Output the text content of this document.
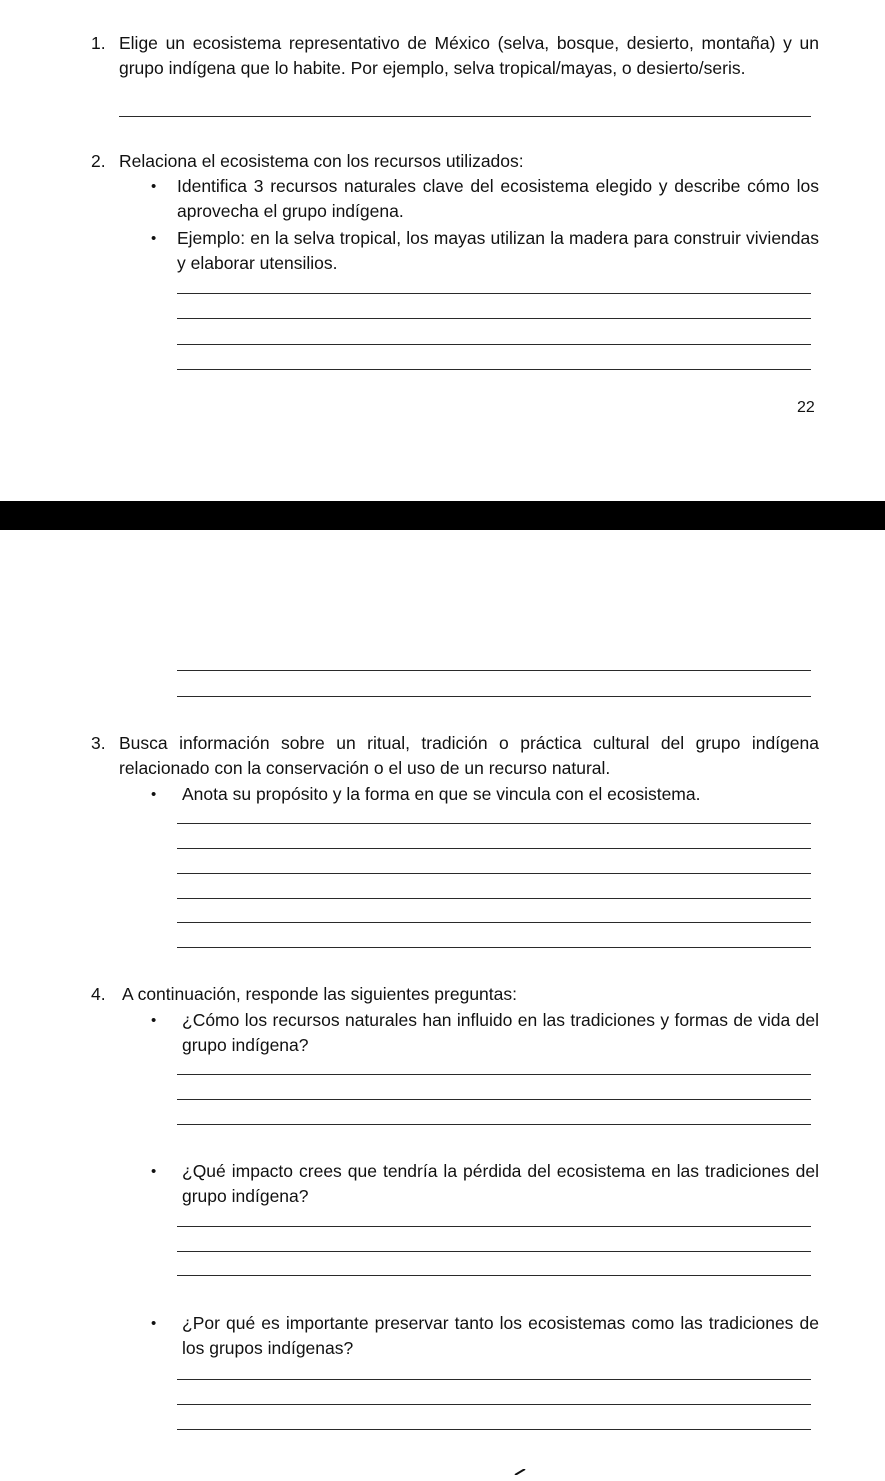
1. Elige un ecosistema representativo de México (selva, bosque, desierto, montaña) y un grupo indígena que lo habite. Por ejemplo, selva tropical/mayas, o desierto/seris.
2. Relaciona el ecosistema con los recursos utilizados:
• Identifica 3 recursos naturales clave del ecosistema elegido y describe cómo los aprovecha el grupo indígena.
• Ejemplo: en la selva tropical, los mayas utilizan la madera para construir viviendas y elaborar utensilios.
22
3. Busca información sobre un ritual, tradición o práctica cultural del grupo indígena relacionado con la conservación o el uso de un recurso natural.
• Anota su propósito y la forma en que se vincula con el ecosistema.
4. A continuación, responde las siguientes preguntas:
• ¿Cómo los recursos naturales han influido en las tradiciones y formas de vida del grupo indígena?
• ¿Qué impacto crees que tendría la pérdida del ecosistema en las tradiciones del grupo indígena?
• ¿Por qué es importante preservar tanto los ecosistemas como las tradiciones de los grupos indígenas?
